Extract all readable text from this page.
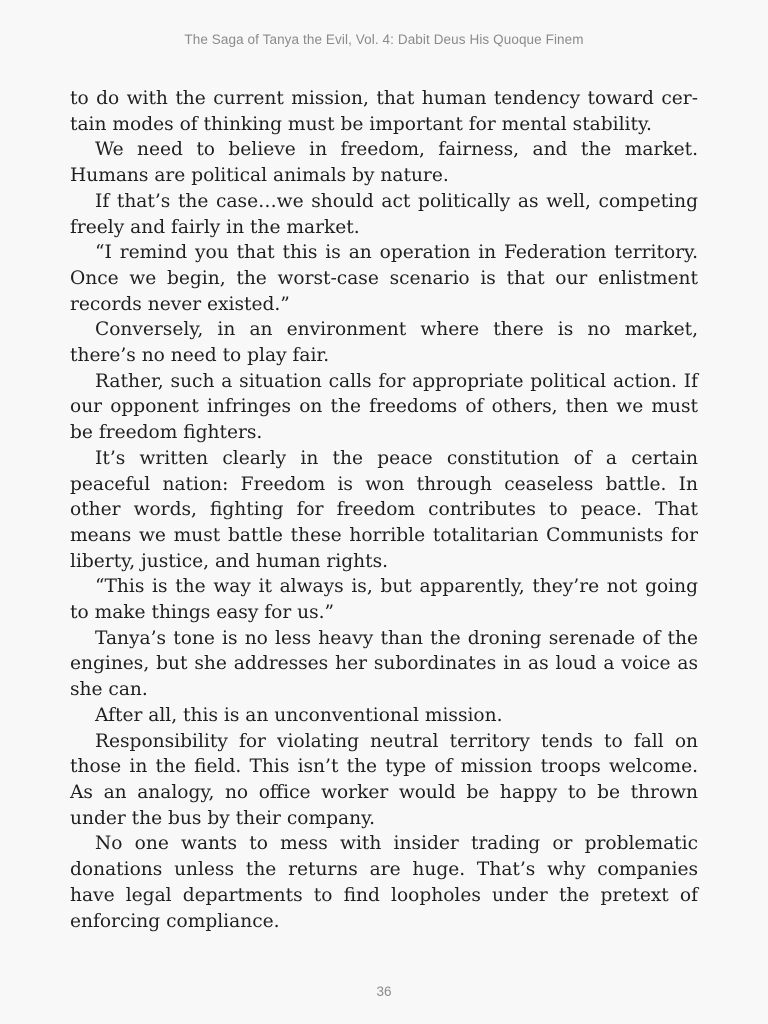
The Saga of Tanya the Evil, Vol. 4: Dabit Deus His Quoque Finem

to do with the current mission, that human tendency toward certain modes of thinking must be important for mental stability.

We need to believe in freedom, fairness, and the market. Humans are political animals by nature.

If that’s the case…we should act politically as well, competing freely and fairly in the market.

“I remind you that this is an operation in Federation territory. Once we begin, the worst-case scenario is that our enlistment records never existed.”

Conversely, in an environment where there is no market, there’s no need to play fair.

Rather, such a situation calls for appropriate political action. If our opponent infringes on the freedoms of others, then we must be freedom fighters.

It’s written clearly in the peace constitution of a certain peaceful nation: Freedom is won through ceaseless battle. In other words, fighting for freedom contributes to peace. That means we must battle these horrible totalitarian Communists for liberty, justice, and human rights.

“This is the way it always is, but apparently, they’re not going to make things easy for us.”

Tanya’s tone is no less heavy than the droning serenade of the engines, but she addresses her subordinates in as loud a voice as she can.

After all, this is an unconventional mission.

Responsibility for violating neutral territory tends to fall on those in the field. This isn’t the type of mission troops welcome. As an analogy, no office worker would be happy to be thrown under the bus by their company.

No one wants to mess with insider trading or problematic donations unless the returns are huge. That’s why companies have legal departments to find loopholes under the pretext of enforcing compliance.

36
